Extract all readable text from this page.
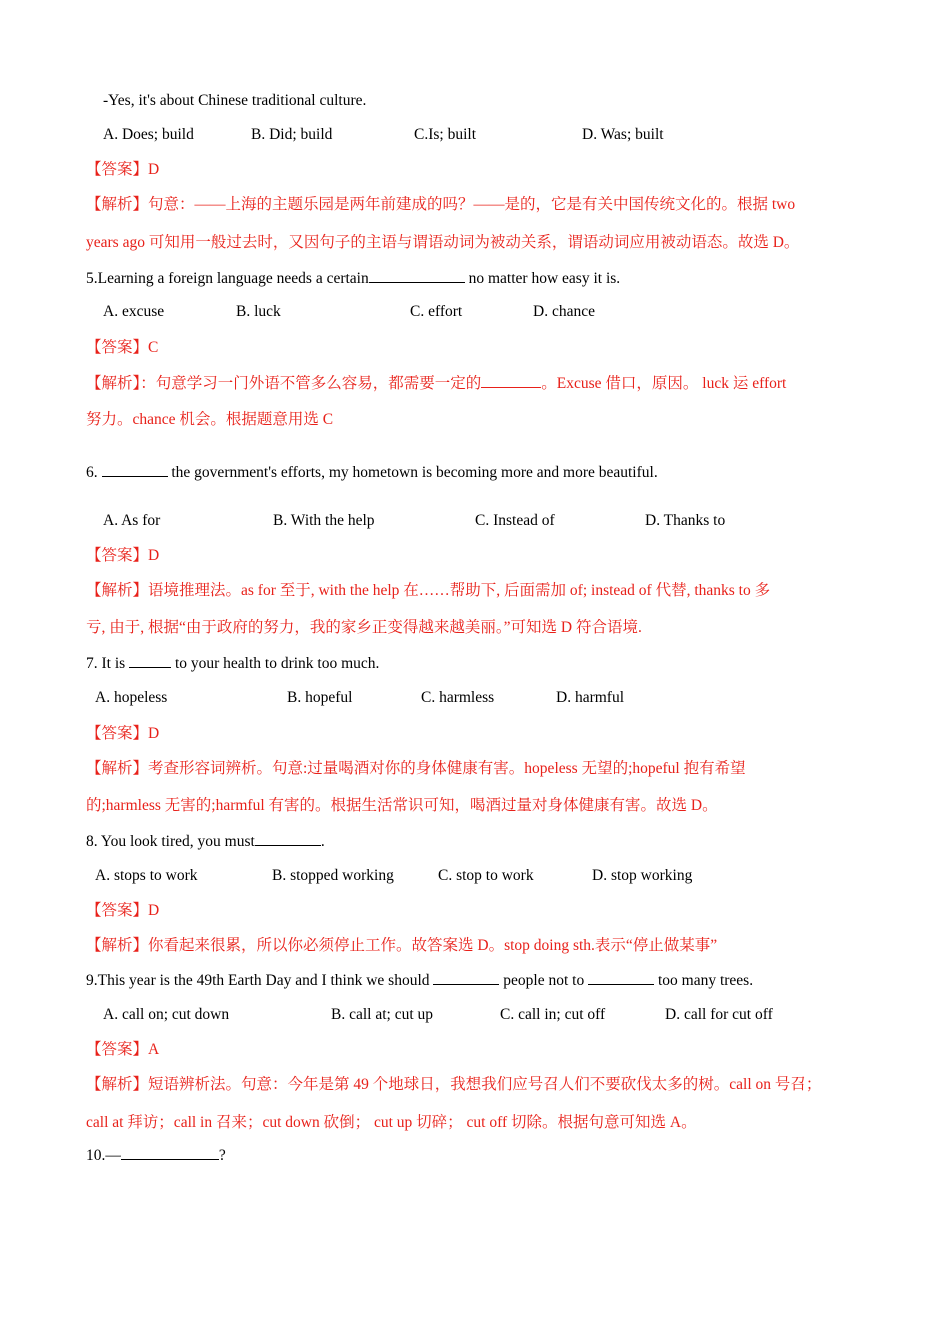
-Yes, it's about Chinese traditional culture.
A. Does; build	B. Did; build	C.Is; built	D. Was; built
【答案】D
【解析】句意：——上海的主题乐园是两年前建成的吗？——是的，它是有关中国传统文化的。根据 two
years ago 可知用一般过去时，又因句子的主语与谓语动词为被动关系，谓语动词应用被动语态。故选 D。
5.Learning a foreign language needs a certain	no matter how easy it is.
A. excuse	B. luck	C. effort	D. chance
【答案】C
【解析】：句意学习一门外语不管多么容易，都需要一定的	。Excuse 借口，原因。 luck 运 effort
努力。chance 机会。根据题意用选 C
6.	the government's efforts, my hometown is becoming more and more beautiful.
A. As for	B. With the help	C. Instead of	D. Thanks to
【答案】D
【解析】语境推理法。as for 至于, with the help 在……帮助下, 后面需加 of; instead of 代替, thanks to 多
亏, 由于, 根据“由于政府的努力，我的家乡正变得越来越美丽。”可知选 D 符合语境.
7. It is	to your health to drink too much.
A. hopeless	B. hopeful	C. harmless	D. harmful
【答案】D
【解析】考查形容词辨析。句意:过量喝酒对你的身体健康有害。hopeless 无望的;hopeful 抱有希望
的;harmless 无害的;harmful 有害的。根据生活常识可知，喝酒过量对身体健康有害。故选 D。
8. You look tired, you must	.
A. stops to work	B. stopped working	C. stop to work	D. stop working
【答案】D
【解析】你看起来很累，所以你必须停止工作。故答案选 D。stop doing sth.表示“停止做某事”
9.This year is the 49th Earth Day and I think we should	people not to	too many trees.
A. call on; cut down	B. call at; cut up	C. call in; cut off	D. call for cut off
【答案】A
【解析】短语辨析法。句意：今年是第 49 个地球日，我想我们应号召人们不要砍伐太多的树。call on 号召；
call at 拜访；call in 召来；cut down 砍倒； cut up 切碎； cut off 切除。根据句意可知选 A。
10.—	?
